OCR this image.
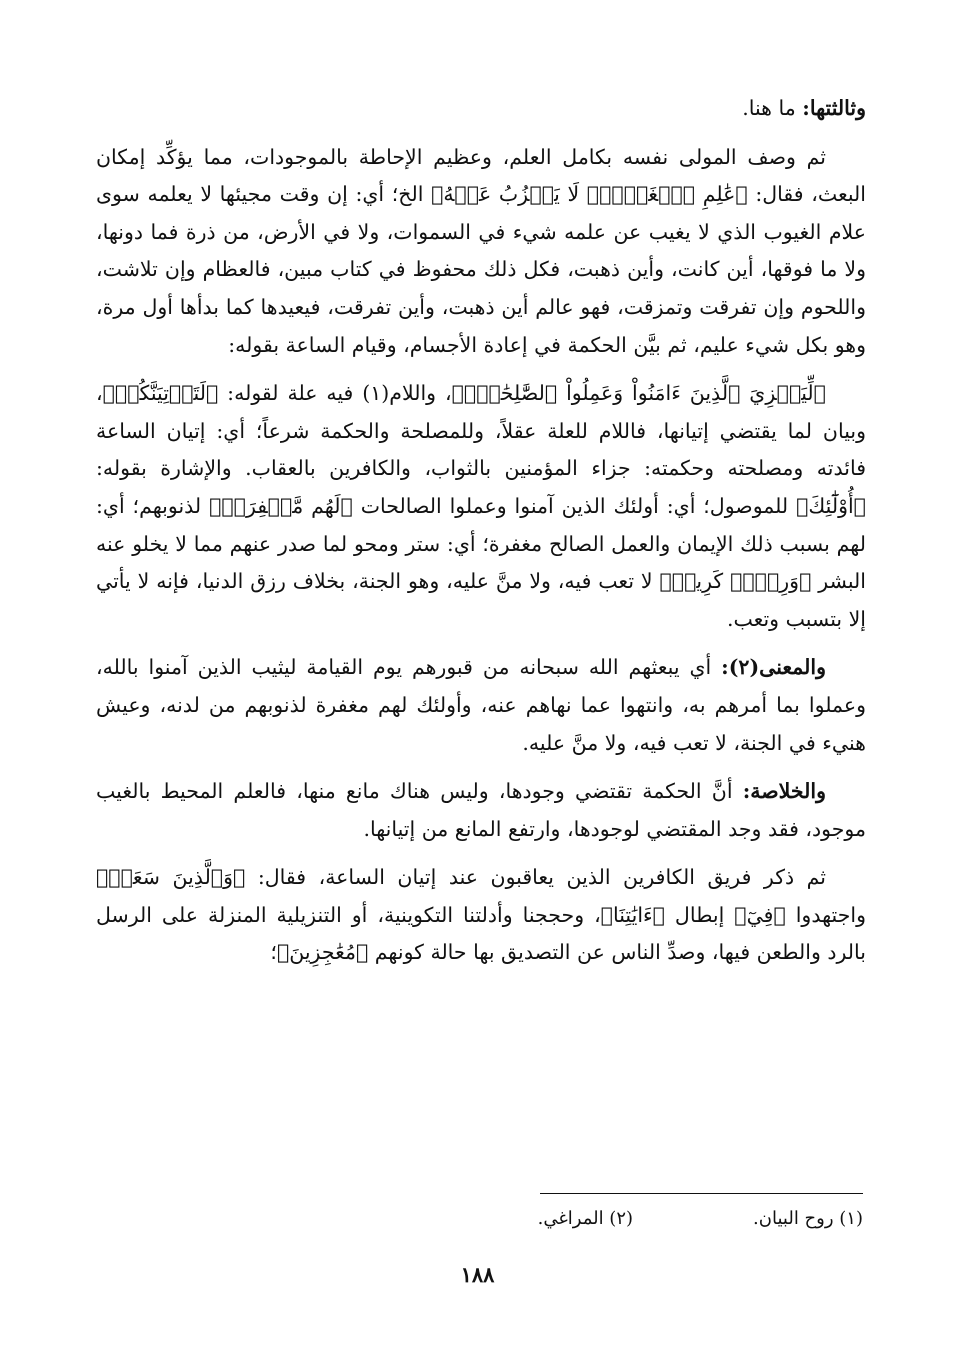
وثالثتها: ما هنا.

ثم وصف المولى نفسه بكامل العلم، وعظيم الإحاطة بالموجودات، مما يؤكِّد إمكان البعث، فقال: ﴿عَٰلِمِ ٱلۡغَيۡبِۖ لَا يَعۡزُبُ عَنۡهُ﴾ الخ؛ أي: إن وقت مجيئها لا يعلمه سوى علام الغيوب الذي لا يغيب عن علمه شيء في السموات، ولا في الأرض، من ذرة فما دونها، ولا ما فوقها، أين كانت، وأين ذهبت، فكل ذلك محفوظ في كتاب مبين، فالعظام وإن تلاشت، واللحوم وإن تفرقت وتمزقت، فهو عالم أين ذهبت، وأين تفرقت، فيعيدها كما بدأها أول مرة، وهو بكل شيء عليم، ثم بيَّن الحكمة في إعادة الأجسام، وقيام الساعة بقوله:

﴿لِّيَجۡزِيَ ٱلَّذِينَ ءَامَنُواْ وَعَمِلُواْ ٱلصَّٰلِحَٰتِۚ﴾، واللام(١) فيه علة لقوله: ﴿لَتَأۡتِيَنَّكُمۡ﴾، وبيان لما يقتضي إتيانها، فاللام للعلة عقلاً، وللمصلحة والحكمة شرعاً؛ أي: إتيان الساعة فائدته ومصلحته وحكمته: جزاء المؤمنين بالثواب، والكافرين بالعقاب. والإشارة بقوله: ﴿أُوْلَٰٓئِكَ﴾ للموصول؛ أي: أولئك الذين آمنوا وعملوا الصالحات ﴿لَهُم مَّغۡفِرَةٞ﴾ لذنوبهم؛ أي: لهم بسبب ذلك الإيمان والعمل الصالح مغفرة؛ أي: ستر ومحو لما صدر عنهم مما لا يخلو عنه البشر ﴿وَرِزۡقٞ كَرِيمٞ﴾ لا تعب فيه، ولا منَّ عليه، وهو الجنة، بخلاف رزق الدنيا، فإنه لا يأتي إلا بتسبب وتعب.

والمعنى(٢): أي يبعثهم الله سبحانه من قبورهم يوم القيامة ليثيب الذين آمنوا بالله، وعملوا بما أمرهم به، وانتهوا عما نهاهم عنه، وأولئك لهم مغفرة لذنوبهم من لدنه، وعيش هنيء في الجنة، لا تعب فيه، ولا منَّ عليه.

والخلاصة: أنَّ الحكمة تقتضي وجودها، وليس هناك مانع منها، فالعلم المحيط بالغيب موجود، فقد وجد المقتضي لوجودها، وارتفع المانع من إتيانها.

ثم ذكر فريق الكافرين الذين يعاقبون عند إتيان الساعة، فقال: ﴿وَٱلَّذِينَ سَعَوۡ﴾ واجتهدوا ﴿فِيٓ﴾ إبطال ﴿ءَايَٰتِنَا﴾، وحججنا وأدلتنا التكوينية، أو التنزيلية المنزلة على الرسل بالرد والطعن فيها، وصدِّ الناس عن التصديق بها حالة كونهم ﴿مُعَٰجِزِينَ﴾؛

(١) روح البيان.
(٢) المراغي.
١٨٨
